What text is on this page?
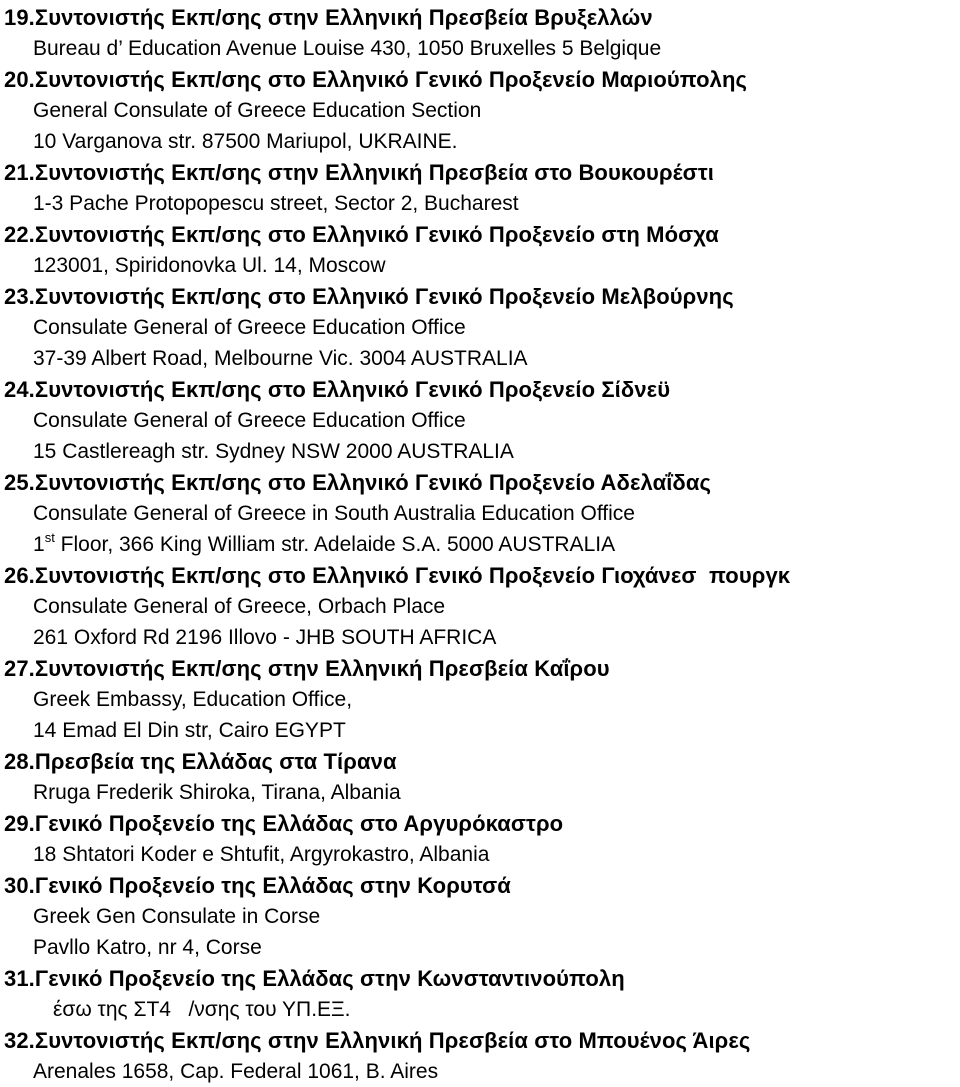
19.Συντονιστής Εκπ/σης στην Ελληνική Πρεσβεία Βρυξελλών
Bureau d’ Education Avenue Louise 430, 1050 Bruxelles 5 Belgique
20.Συντονιστής Εκπ/σης στο Ελληνικό Γενικό Προξενείο Μαριούπολης
General Consulate of Greece Education Section
10 Varganova str. 87500 Mariupol, UKRAINE.
21.Συντονιστής Εκπ/σης στην Ελληνική Πρεσβεία στο Βουκουρέστι
1-3 Pache Protopopescu street, Sector 2, Bucharest
22.Συντονιστής Εκπ/σης στο Ελληνικό Γενικό Προξενείο στη Μόσχα
123001, Spiridonovka Ul. 14, Moscow
23.Συντονιστής Εκπ/σης στο Ελληνικό Γενικό Προξενείο Μελβούρνης
Consulate General of Greece Education Office
37-39 Albert Road, Melbourne Vic. 3004 AUSTRALIA
24.Συντονιστής Εκπ/σης στο Ελληνικό Γενικό Προξενείο Σίδνεϋ
Consulate General of Greece Education Office
15 Castlereagh str. Sydney NSW 2000 AUSTRALIA
25.Συντονιστής Εκπ/σης στο Ελληνικό Γενικό Προξενείο Αδελαΐδας
Consulate General of Greece in South Australia Education Office
1st Floor, 366 King William str. Adelaide S.A. 5000 AUSTRALIA
26.Συντονιστής Εκπ/σης στο Ελληνικό Γενικό Προξενείο Γιοχάνεσ  πουργκ
Consulate General of Greece, Orbach Place
261 Oxford Rd 2196 Illovo - JHB SOUTH AFRICA
27.Συντονιστής Εκπ/σης στην Ελληνική Πρεσβεία Καΐρου
Greek Embassy, Education Office,
14 Emad El Din str, Cairo EGYPT
28.Πρεσβεία της Ελλάδας στα Τίρανα
Rruga Frederik Shiroka, Tirana, Albania
29.Γενικό Προξενείο της Ελλάδας στο Αργυρόκαστρο
18 Shtatori Koder e Shtufit, Argyrokastro, Albania
30.Γενικό Προξενείο της Ελλάδας στην Κορυτσά
Greek Gen Consulate in Corse
Pavllo Katro, nr 4, Corse
31.Γενικό Προξενείο της Ελλάδας στην Κωνσταντινούπολη
έσω της ΣΤ4   /νσης του ΥΠ.ΕΞ.
32.Συντονιστής Εκπ/σης στην Ελληνική Πρεσβεία στο Μπουένος Άιρες
Arenales 1658, Cap. Federal 1061, B. Aires
